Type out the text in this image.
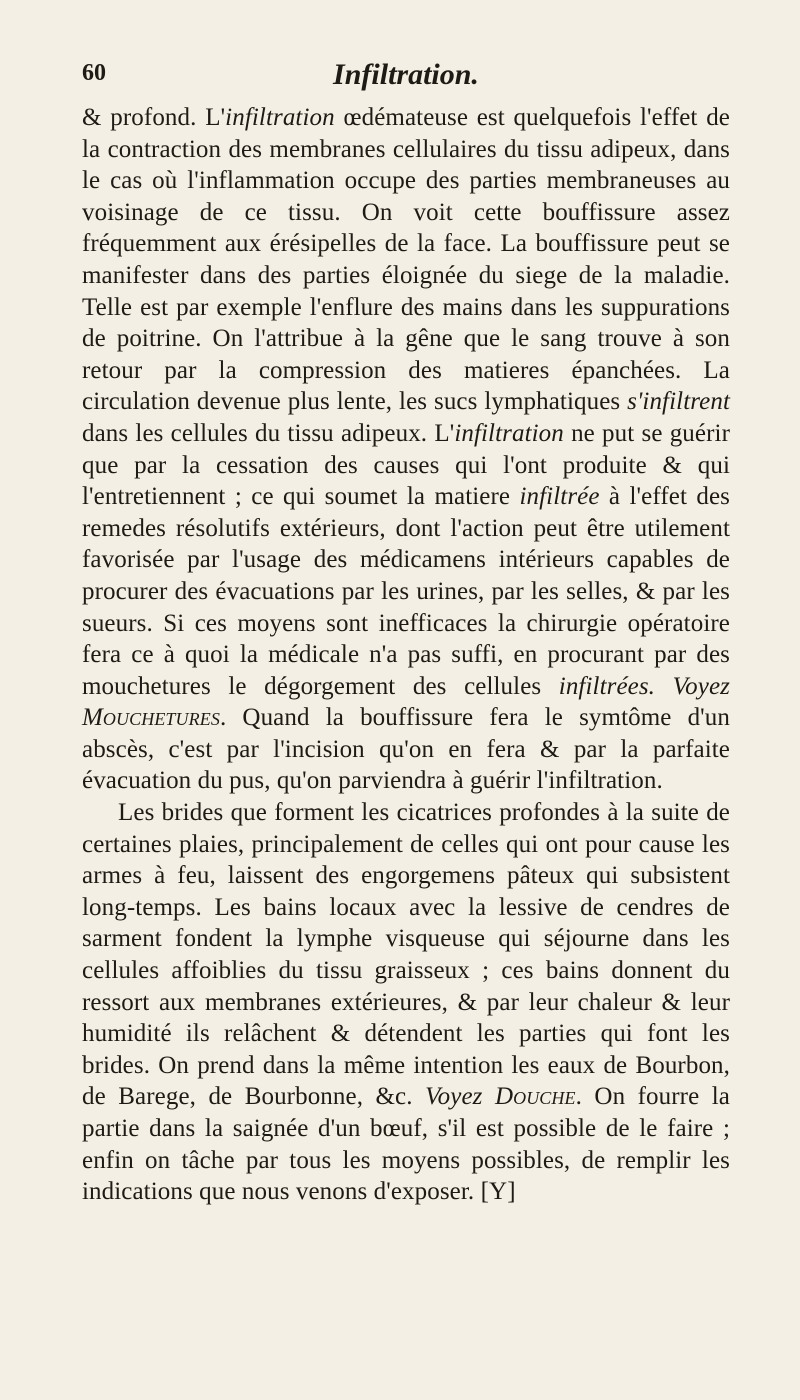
60	Infiltration.

& profond. L'infiltration œdémateuse est quelquefois l'effet de la contraction des membranes cellulaires du tissu adipeux, dans le cas où l'inflammation occupe des parties membraneuses au voisinage de ce tissu. On voit cette bouffissure assez fréquemment aux érésipelles de la face. La bouffissure peut se manifester dans des parties éloignée du siege de la maladie. Telle est par exemple l'enflure des mains dans les suppurations de poitrine. On l'attribue à la gêne que le sang trouve à son retour par la compression des matieres épanchées. La circulation devenue plus lente, les sucs lymphatiques s'infiltrent dans les cellules du tissu adipeux. L'infiltration ne put se guérir que par la cessation des causes qui l'ont produite & qui l'entretiennent ; ce qui soumet la matiere infiltrée à l'effet des remedes résolutifs extérieurs, dont l'action peut être utilement favorisée par l'usage des médicamens intérieurs capables de procurer des évacuations par les urines, par les selles, & par les sueurs. Si ces moyens sont inefficaces la chirurgie opératoire fera ce à quoi la médicale n'a pas suffi, en procurant par des mouchetures le dégorgement des cellules infiltrées. Voyez Mouchetures. Quand la bouffissure fera le symtôme d'un abscès, c'est par l'incision qu'on en fera & par la parfaite évacuation du pus, qu'on parviendra à guérir l'infiltration.

Les brides que forment les cicatrices profondes à la suite de certaines plaies, principalement de celles qui ont pour cause les armes à feu, laissent des engorgemens pâteux qui subsistent long-temps. Les bains locaux avec la lessive de cendres de sarment fondent la lymphe visqueuse qui séjourne dans les cellules affoiblies du tissu graisseux ; ces bains donnent du ressort aux membranes extérieures, & par leur chaleur & leur humidité ils relâchent & détendent les parties qui font les brides. On prend dans la même intention les eaux de Bourbon, de Barege, de Bourbonne, &c. Voyez Douche. On fourre la partie dans la saignée d'un bœuf, s'il est possible de le faire ; enfin on tâche par tous les moyens possibles, de remplir les indications que nous venons d'exposer. [Y]
